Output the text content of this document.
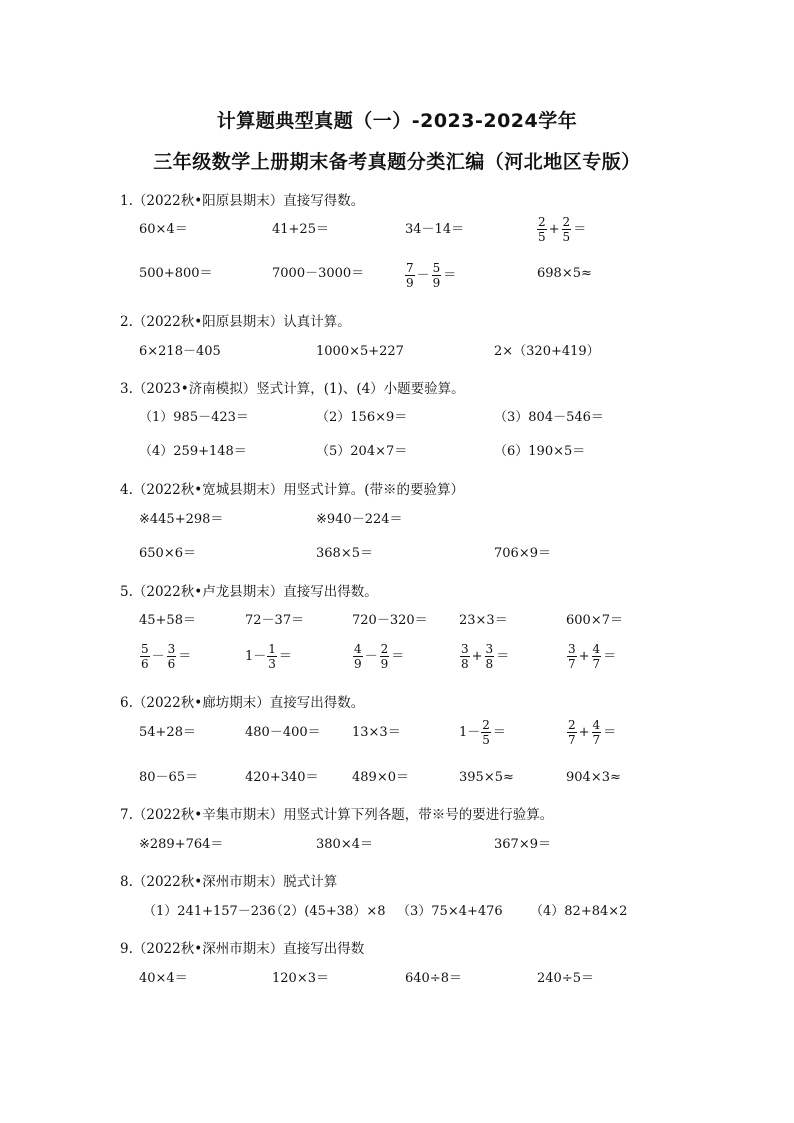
计算题典型真题（一）-2023-2024学年
三年级数学上册期末备考真题分类汇编（河北地区专版）
1.（2022秋•阳原县期末）直接写得数。
60×4＝	41+25＝	34－14＝	$\frac{2}{5} + \frac{2}{5}$ ＝
500+800＝	7000－3000＝	$\frac{7}{9} - \frac{5}{9}$ ＝	698×5≈
2.（2022秋•阳原县期末）认真计算。
6×218－405	1000×5+227	2×（320+419）
3.（2023•济南模拟）竖式计算，(1)、(4）小题要验算。
（1）985－423＝	（2）156×9＝	（3）804－546＝
（4）259+148＝	（5）204×7＝	（6）190×5＝
4.（2022秋•宽城县期末）用竖式计算。(带※的要验算）
※445+298＝	※940－224＝
650×6＝	368×5＝	706×9＝
5.（2022秋•卢龙县期末）直接写出得数。
45+58＝	72－37＝	720－320＝ 23×3＝	600×7＝
$\frac{5}{6} - \frac{3}{6}$ ＝	$1- \frac{1}{3}$ ＝	$\frac{4}{9} - \frac{2}{9}$ ＝	$\frac{3}{8} + \frac{3}{8}$ ＝	$\frac{3}{7} + \frac{4}{7}$ ＝
6.（2022秋•廊坊期末）直接写出得数。
54+28＝	480－400＝ 13×3＝	$1- \frac{2}{5}$ ＝	$\frac{2}{7} + \frac{4}{7}$ ＝
80－65＝	420+340＝	489×0＝	395×5≈	904×3≈
7.（2022秋•辛集市期末）用竖式计算下列各题，带※号的要进行验算。
※289+764＝	380×4＝	367×9＝
8.（2022秋•深州市期末）脱式计算
（1）241+157－236
（2）(45+38）×8 （3）75×4+476 （4）82+84×2
9.（2022秋•深州市期末）直接写出得数
40×4＝	120×3＝	640÷8＝	240÷5＝
